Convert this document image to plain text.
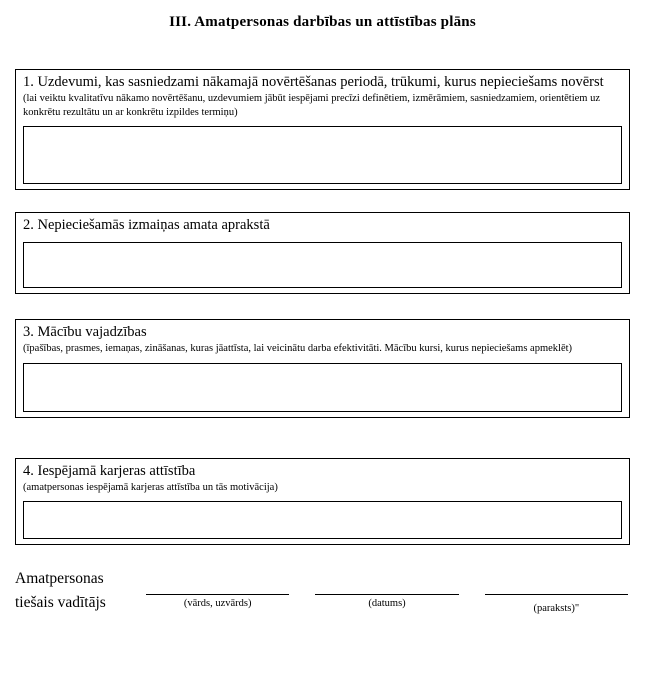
III. Amatpersonas darbības un attīstības plāns
1. Uzdevumi, kas sasniedzami nākamajā novērtēšanas periodā, trūkumi, kurus nepieciešams novērst
(lai veiktu kvalitatīvu nākamo novērtēšanu, uzdevumiem jābūt iespējami precīzi definētiem, izmērāmiem, sasniedzamiem, orientētiem uz konkrētu rezultātu un ar konkrētu izpildes termiņu)
2. Nepieciešamās izmaiņas amata aprakstā
3. Mācību vajadzības
(īpašības, prasmes, iemaņas, zināšanas, kuras jāattīsta, lai veicinātu darba efektivitāti. Mācību kursi, kurus nepieciešams apmeklēt)
4. Iespējamā karjeras attīstība
(amatpersonas iespējamā karjeras attīstība un tās motivācija)
Amatpersonas tiešais vadītājs	(vārds, uzvārds)	(datums)	(paraksts)"
